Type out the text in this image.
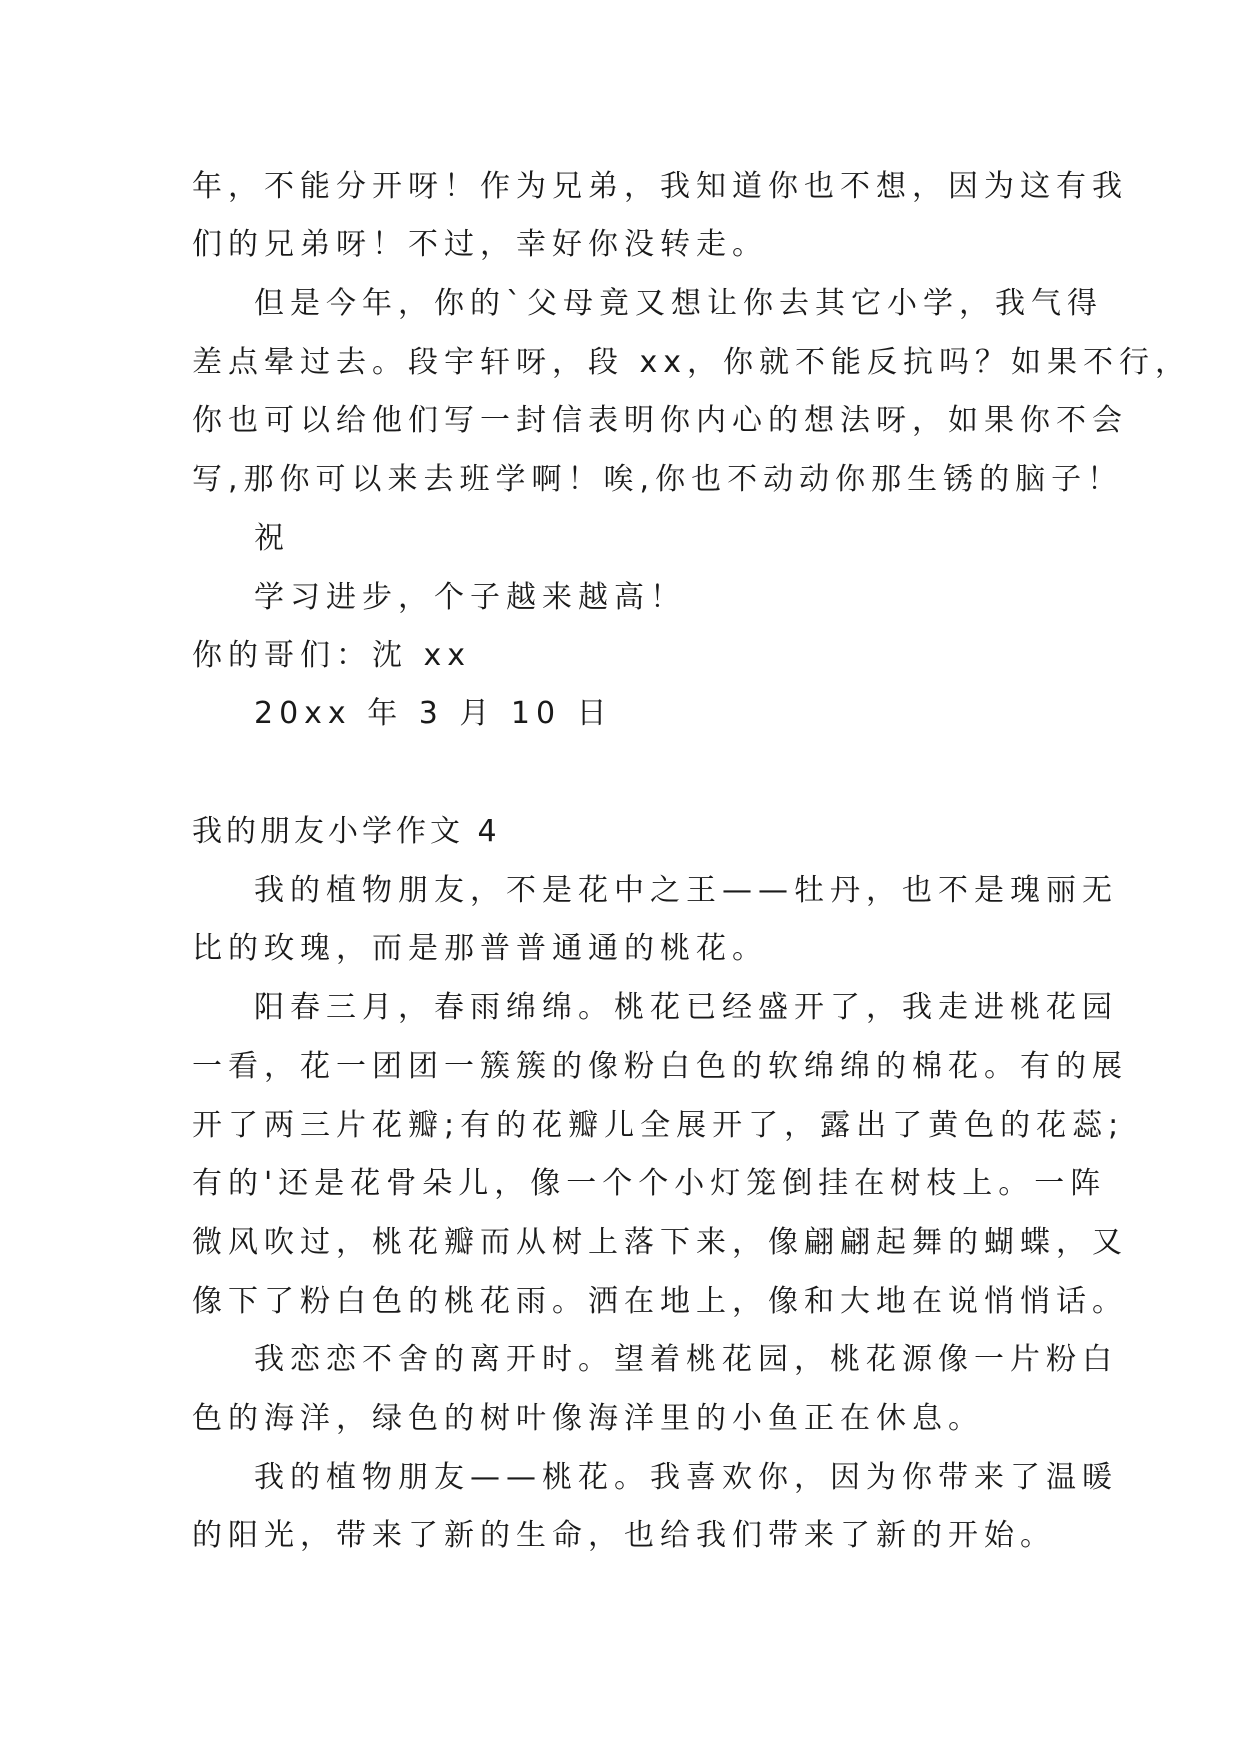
年，不能分开呀！作为兄弟，我知道你也不想，因为这有我
们的兄弟呀！不过，幸好你没转走。
但是今年，你的`父母竟又想让你去其它小学，我气得
差点晕过去。段宇轩呀，段 xx，你就不能反抗吗？如果不行，
你也可以给他们写一封信表明你内心的想法呀，如果你不会
写,那你可以来去班学啊！唉,你也不动动你那生锈的脑子！
祝
学习进步，个子越来越高！
你的哥们：沈 xx
20xx 年 3 月 10 日
我的朋友小学作文 4
我的植物朋友，不是花中之王——牡丹，也不是瑰丽无
比的玫瑰，而是那普普通通的桃花。
阳春三月，春雨绵绵。桃花已经盛开了，我走进桃花园
一看，花一团团一簇簇的像粉白色的软绵绵的棉花。有的展
开了两三片花瓣;有的花瓣儿全展开了，露出了黄色的花蕊;
有的'还是花骨朵儿，像一个个小灯笼倒挂在树枝上。一阵
微风吹过，桃花瓣而从树上落下来，像翩翩起舞的蝴蝶，又
像下了粉白色的桃花雨。洒在地上，像和大地在说悄悄话。
我恋恋不舍的离开时。望着桃花园，桃花源像一片粉白
色的海洋，绿色的树叶像海洋里的小鱼正在休息。
我的植物朋友——桃花。我喜欢你，因为你带来了温暖
的阳光，带来了新的生命，也给我们带来了新的开始。
